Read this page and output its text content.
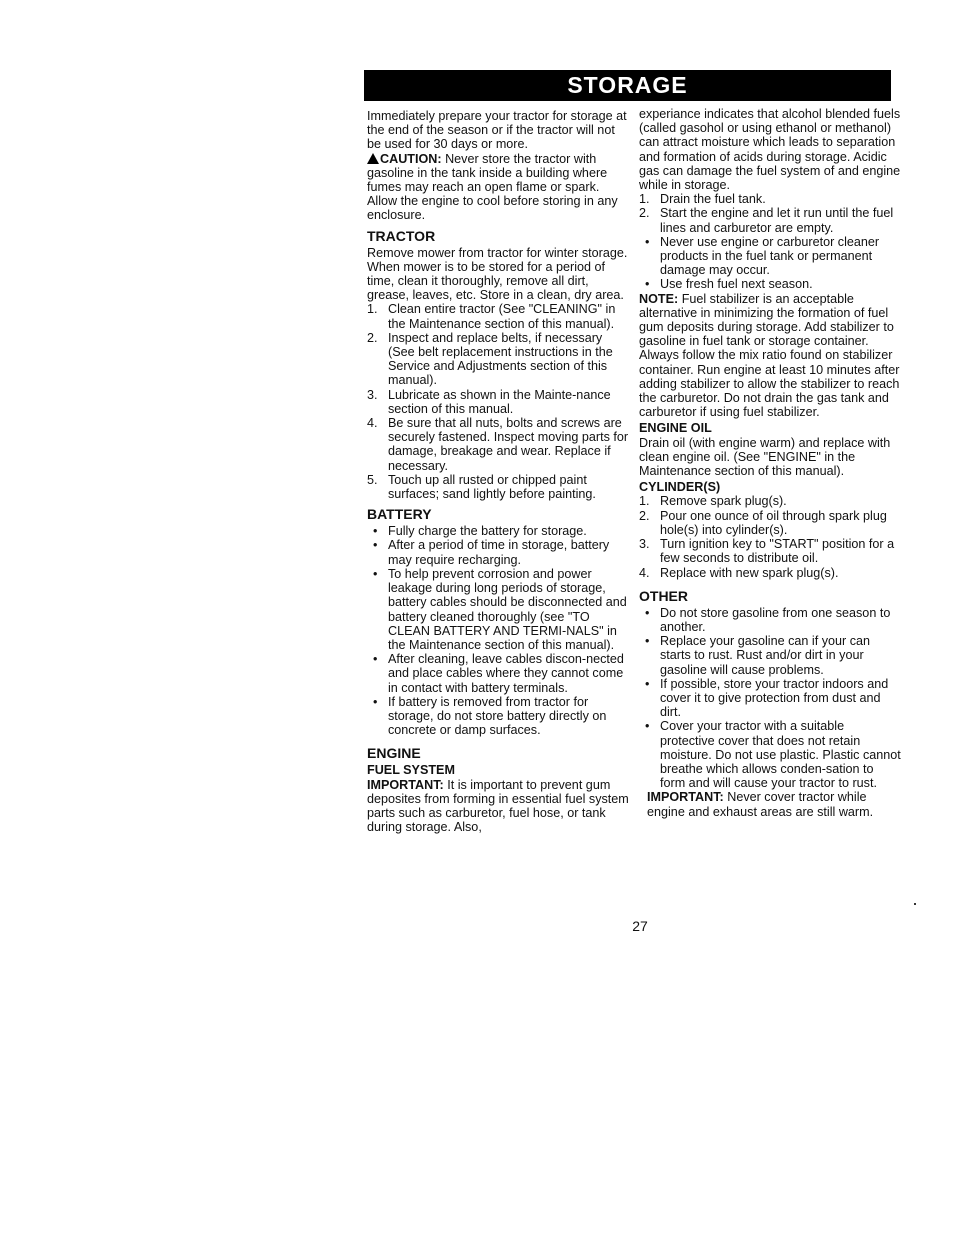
STORAGE

Immediately prepare your tractor for storage at the end of the season or if the tractor will not be used for 30 days or more.

CAUTION: Never store the tractor with gasoline in the tank inside a building where fumes may reach an open flame or spark. Allow the engine to cool before storing in any enclosure.

TRACTOR

Remove mower from tractor for winter storage. When mower is to be stored for a period of time, clean it thoroughly, remove all dirt, grease, leaves, etc. Store in a clean, dry area.

1. Clean entire tractor (See "CLEANING" in the Maintenance section of this manual).
2. Inspect and replace belts, if necessary (See belt replacement instructions in the Service and Adjustments section of this manual).
3. Lubricate as shown in the Mainte-nance section of this manual.
4. Be sure that all nuts, bolts and screws are securely fastened. Inspect moving parts for damage, breakage and wear. Replace if necessary.
5. Touch up all rusted or chipped paint surfaces; sand lightly before painting.
BATTERY
• Fully charge the battery for storage.
• After a period of time in storage, battery may require recharging.
• To help prevent corrosion and power leakage during long periods of storage, battery cables should be disconnected and battery cleaned thoroughly (see "TO CLEAN BATTERY AND TERMI-NALS" in the Maintenance section of this manual).
• After cleaning, leave cables discon-nected and place cables where they cannot come in contact with battery terminals.
• If battery is removed from tractor for storage, do not store battery directly on concrete or damp surfaces.
ENGINE
FUEL SYSTEM

IMPORTANT: It is important to prevent gum deposites from forming in essential fuel system parts such as carburetor, fuel hose, or tank during storage. Also,

experiance indicates that alcohol blended fuels (called gasohol or using ethanol or methanol) can attract moisture which leads to separation and formation of acids during storage. Acidic gas can damage the fuel system of and engine while in storage.

1. Drain the fuel tank.
2. Start the engine and let it run until the fuel lines and carburetor are empty.
• Never use engine or carburetor cleaner products in the fuel tank or permanent damage may occur.
• Use fresh fuel next season.

NOTE: Fuel stabilizer is an acceptable alternative in minimizing the formation of fuel gum deposits during storage. Add stabilizer to gasoline in fuel tank or storage container. Always follow the mix ratio found on stabilizer container. Run engine at least 10 minutes after adding stabilizer to allow the stabilizer to reach the carburetor. Do not drain the gas tank and carburetor if using fuel stabilizer.

ENGINE OIL

Drain oil (with engine warm) and replace with clean engine oil. (See "ENGINE" in the Maintenance section of this manual).

CYLINDER(S)
1. Remove spark plug(s).
2. Pour one ounce of oil through spark plug hole(s) into cylinder(s).
3. Turn ignition key to "START" position for a few seconds to distribute oil.
4. Replace with new spark plug(s).
OTHER
• Do not store gasoline from one season to another.
• Replace your gasoline can if your can starts to rust. Rust and/or dirt in your gasoline will cause problems.
• If possible, store your tractor indoors and cover it to give protection from dust and dirt.
• Cover your tractor with a suitable protective cover that does not retain moisture. Do not use plastic. Plastic cannot breathe which allows conden-sation to form and will cause your tractor to rust.

IMPORTANT: Never cover tractor while engine and exhaust areas are still warm.

27
